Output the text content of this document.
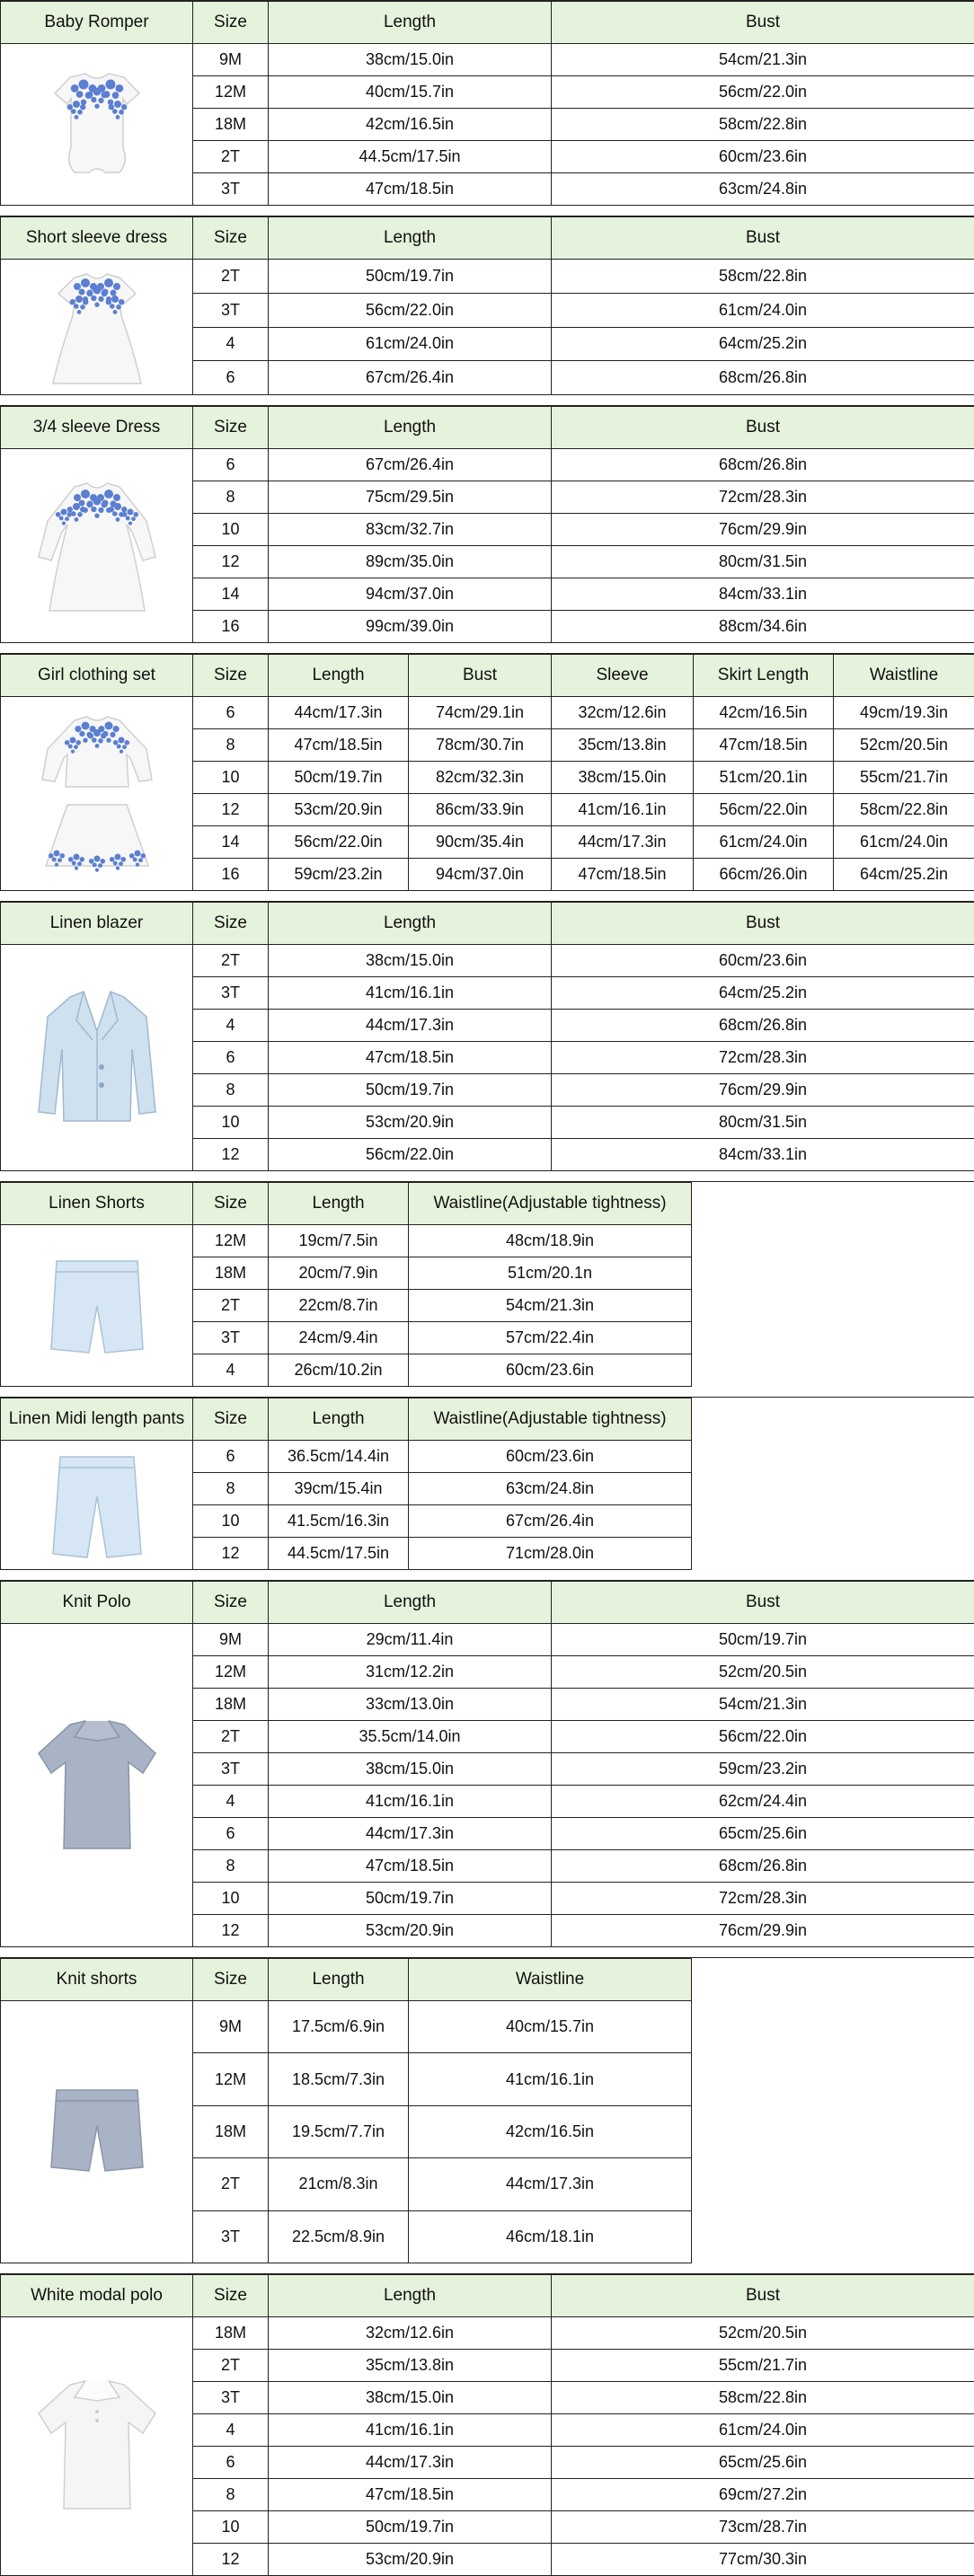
Baby Romper	Size	Length	Bust	

	9M	38cm/15.0in	54cm/21.3in	
	12M	40cm/15.7in	56cm/22.0in	
	18M	42cm/16.5in	58cm/22.8in	
	2T	44.5cm/17.5in	60cm/23.6in	
	3T	47cm/18.5in	63cm/24.8in	
Short sleeve dress	Size	Length	Bust	

	2T	50cm/19.7in	58cm/22.8in	
	3T	56cm/22.0in	61cm/24.0in	
	4	61cm/24.0in	64cm/25.2in	
	6	67cm/26.4in	68cm/26.8in	
3/4 sleeve Dress	Size	Length	Bust	

	6	67cm/26.4in	68cm/26.8in	
	8	75cm/29.5in	72cm/28.3in	
	10	83cm/32.7in	76cm/29.9in	
	12	89cm/35.0in	80cm/31.5in	
	14	94cm/37.0in	84cm/33.1in	
	16	99cm/39.0in	88cm/34.6in	
Girl clothing set	Size	Length	Bust	Sleeve	Skirt Length	Waistline

	6	44cm/17.3in	74cm/29.1in	32cm/12.6in	42cm/16.5in	49cm/19.3in
	8	47cm/18.5in	78cm/30.7in	35cm/13.8in	47cm/18.5in	52cm/20.5in
	10	50cm/19.7in	82cm/32.3in	38cm/15.0in	51cm/20.1in	55cm/21.7in
	12	53cm/20.9in	86cm/33.9in	41cm/16.1in	56cm/22.0in	58cm/22.8in
	14	56cm/22.0in	90cm/35.4in	44cm/17.3in	61cm/24.0in	61cm/24.0in
	16	59cm/23.2in	94cm/37.0in	47cm/18.5in	66cm/26.0in	64cm/25.2in
Linen blazer	Size	Length	Bust	

	2T	38cm/15.0in	60cm/23.6in	
	3T	41cm/16.1in	64cm/25.2in	
	4	44cm/17.3in	68cm/26.8in	
	6	47cm/18.5in	72cm/28.3in	
	8	50cm/19.7in	76cm/29.9in	
	10	53cm/20.9in	80cm/31.5in	
	12	56cm/22.0in	84cm/33.1in	
Linen Shorts	Size	Length	Waistline(Adjustable tightness)

	12M	19cm/7.5in	48cm/18.9in
	18M	20cm/7.9in	51cm/20.1n
	2T	22cm/8.7in	54cm/21.3in
	3T	24cm/9.4in	57cm/22.4in
	4	26cm/10.2in	60cm/23.6in
Linen Midi length pants	Size	Length	Waistline(Adjustable tightness)

	6	36.5cm/14.4in	60cm/23.6in
	8	39cm/15.4in	63cm/24.8in
	10	41.5cm/16.3in	67cm/26.4in
	12	44.5cm/17.5in	71cm/28.0in
Knit Polo	Size	Length	Bust	

	9M	29cm/11.4in	50cm/19.7in	
	12M	31cm/12.2in	52cm/20.5in	
	18M	33cm/13.0in	54cm/21.3in	
	2T	35.5cm/14.0in	56cm/22.0in	
	3T	38cm/15.0in	59cm/23.2in	
	4	41cm/16.1in	62cm/24.4in	
	6	44cm/17.3in	65cm/25.6in	
	8	47cm/18.5in	68cm/26.8in	
	10	50cm/19.7in	72cm/28.3in	
	12	53cm/20.9in	76cm/29.9in	
Knit shorts	Size	Length	Waistline

	9M	17.5cm/6.9in	40cm/15.7in
	12M	18.5cm/7.3in	41cm/16.1in
	18M	19.5cm/7.7in	42cm/16.5in
	2T	21cm/8.3in	44cm/17.3in
	3T	22.5cm/8.9in	46cm/18.1in
White modal polo	Size	Length	Bust	

	18M	32cm/12.6in	52cm/20.5in	
	2T	35cm/13.8in	55cm/21.7in	
	3T	38cm/15.0in	58cm/22.8in	
	4	41cm/16.1in	61cm/24.0in	
	6	44cm/17.3in	65cm/25.6in	
	8	47cm/18.5in	69cm/27.2in	
	10	50cm/19.7in	73cm/28.7in	
	12	53cm/20.9in	77cm/30.3in	
